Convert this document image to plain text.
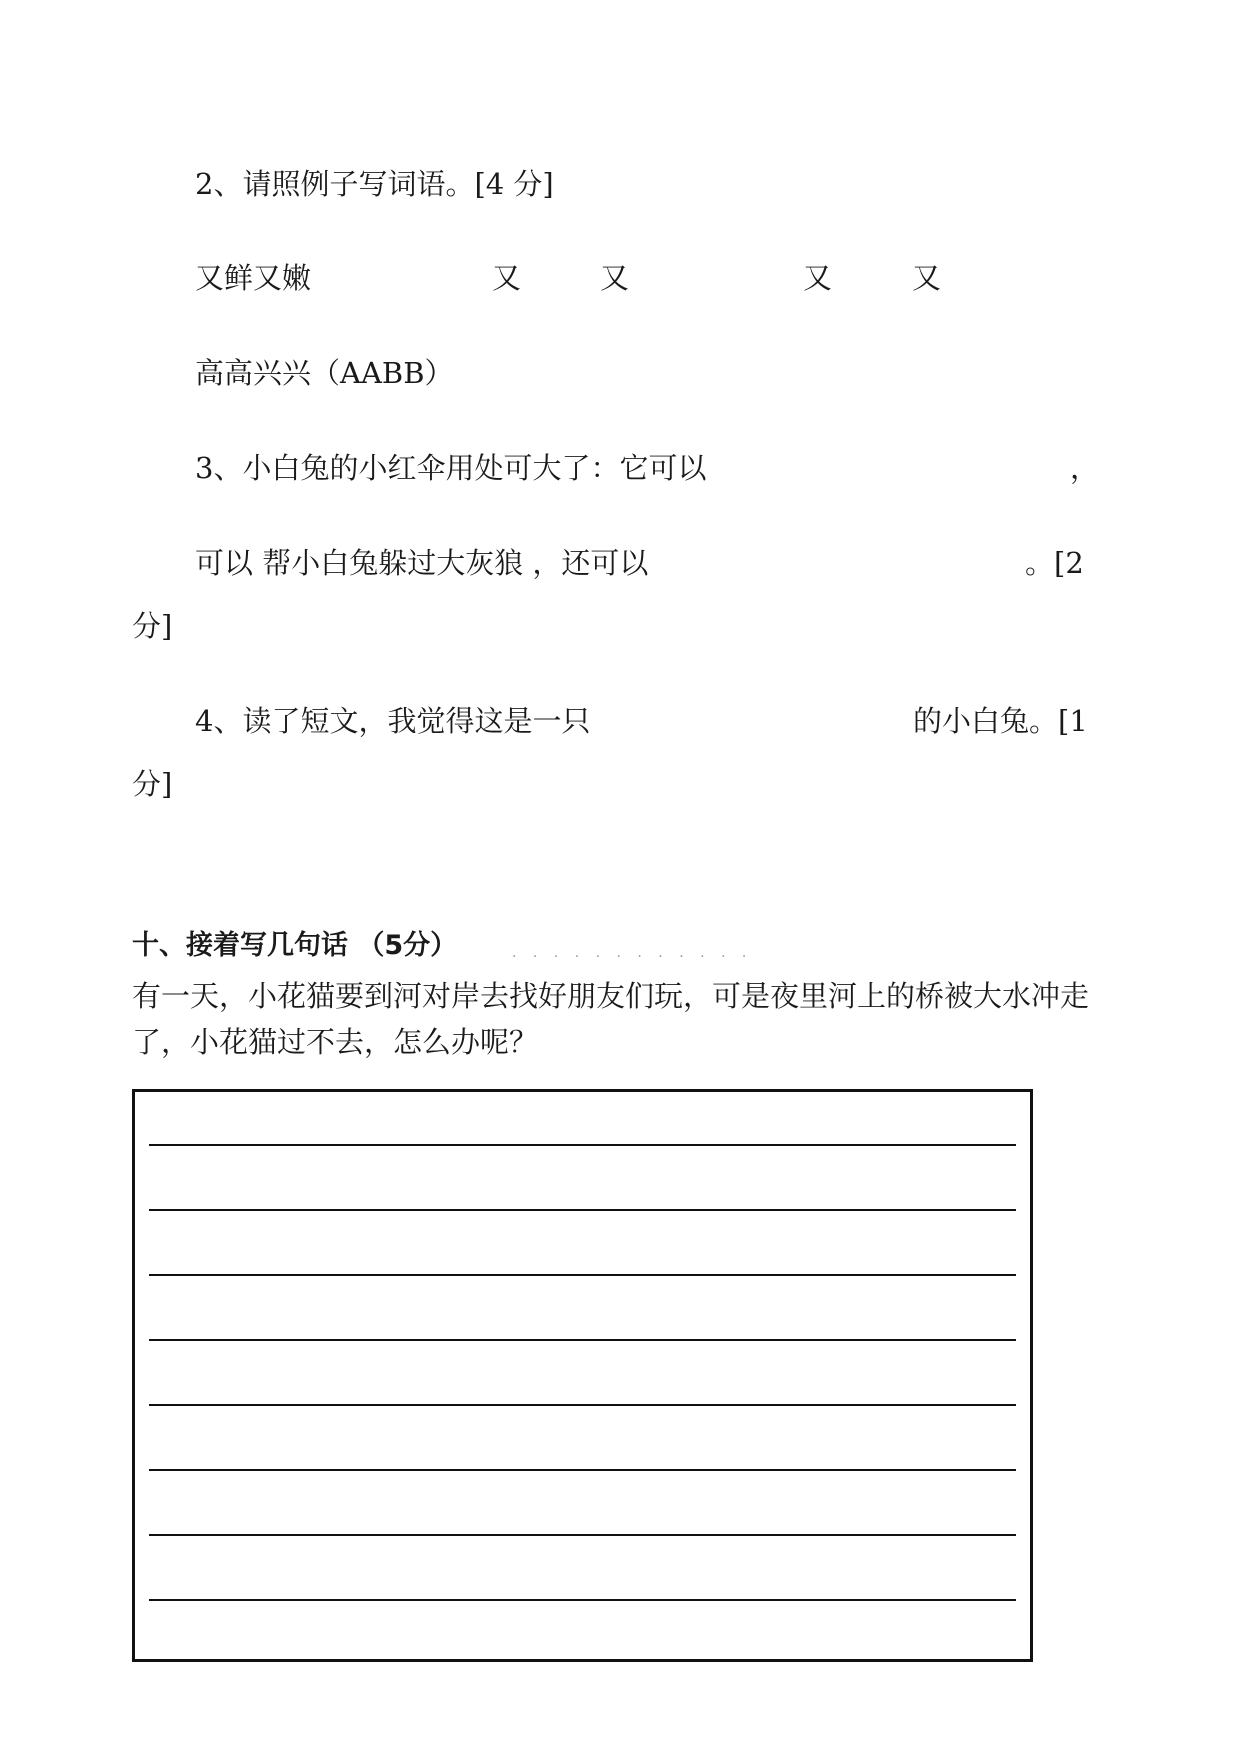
2、请照例子写词语。[4 分]
又鲜又嫩	又	又	又	又
高高兴兴（AABB）
3、小白兔的小红伞用处可大了：它可以	，
可以 帮小白兔躲过大灰狼 ，还可以	。[2
分]
4、读了短文，我觉得这是一只	的小白兔。[1
分]
十、接着写几句话 （5分）	. . . . . . . . . . . .
有一天，小花猫要到河对岸去找好朋友们玩，可是夜里河上的桥被大水冲走了，小花猫过不去，怎么办呢？
